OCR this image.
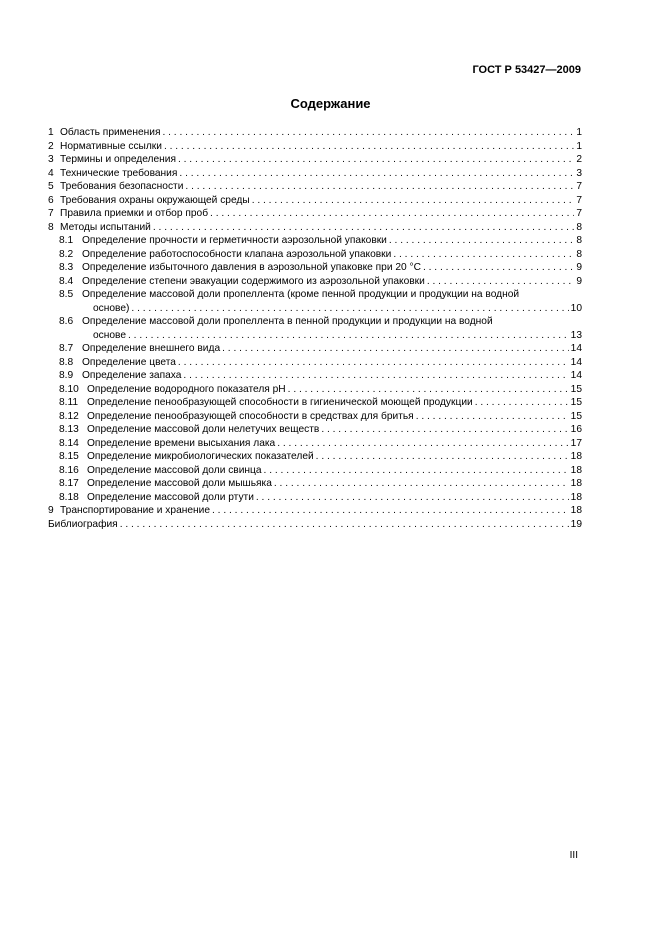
ГОСТ Р 53427—2009
Содержание
1 Область применения . . .	1
2 Нормативные ссылки . . .	1
3 Термины и определения . . .	2
4 Технические требования . . .	3
5 Требования безопасности . . .	7
6 Требования охраны окружающей среды . . .	7
7 Правила приемки и отбор проб . . .	7
8 Методы испытаний . . .	8
8.1 Определение прочности и герметичности аэрозольной упаковки . . .	8
8.2 Определение работоспособности клапана аэрозольной упаковки . . .	8
8.3 Определение избыточного давления в аэрозольной упаковке при 20 °С . . .	9
8.4 Определение степени эвакуации содержимого из аэрозольной упаковки . . .	9
8.5 Определение массовой доли пропеллента (кроме пенной продукции и продукции на водной
основе) . . .	10
8.6 Определение массовой доли пропеллента в пенной продукции и продукции на водной
основе . . .	13
8.7 Определение внешнего вида . . .	14
8.8 Определение цвета . . .	14
8.9 Определение запаха . . .	14
8.10 Определение водородного показателя рН . . .	15
8.11 Определение пенообразующей способности в гигиенической моющей продукции . . .	15
8.12 Определение пенообразующей способности в средствах для бритья . . .	15
8.13 Определение массовой доли нелетучих веществ . . .	16
8.14 Определение времени высыхания лака . . .	17
8.15 Определение микробиологических показателей . . .	18
8.16 Определение массовой доли свинца . . .	18
8.17 Определение массовой доли мышьяка . . .	18
8.18 Определение массовой доли ртути . . .	18
9 Транспортирование и хранение . . .	18
Библиография . . .	19
III
